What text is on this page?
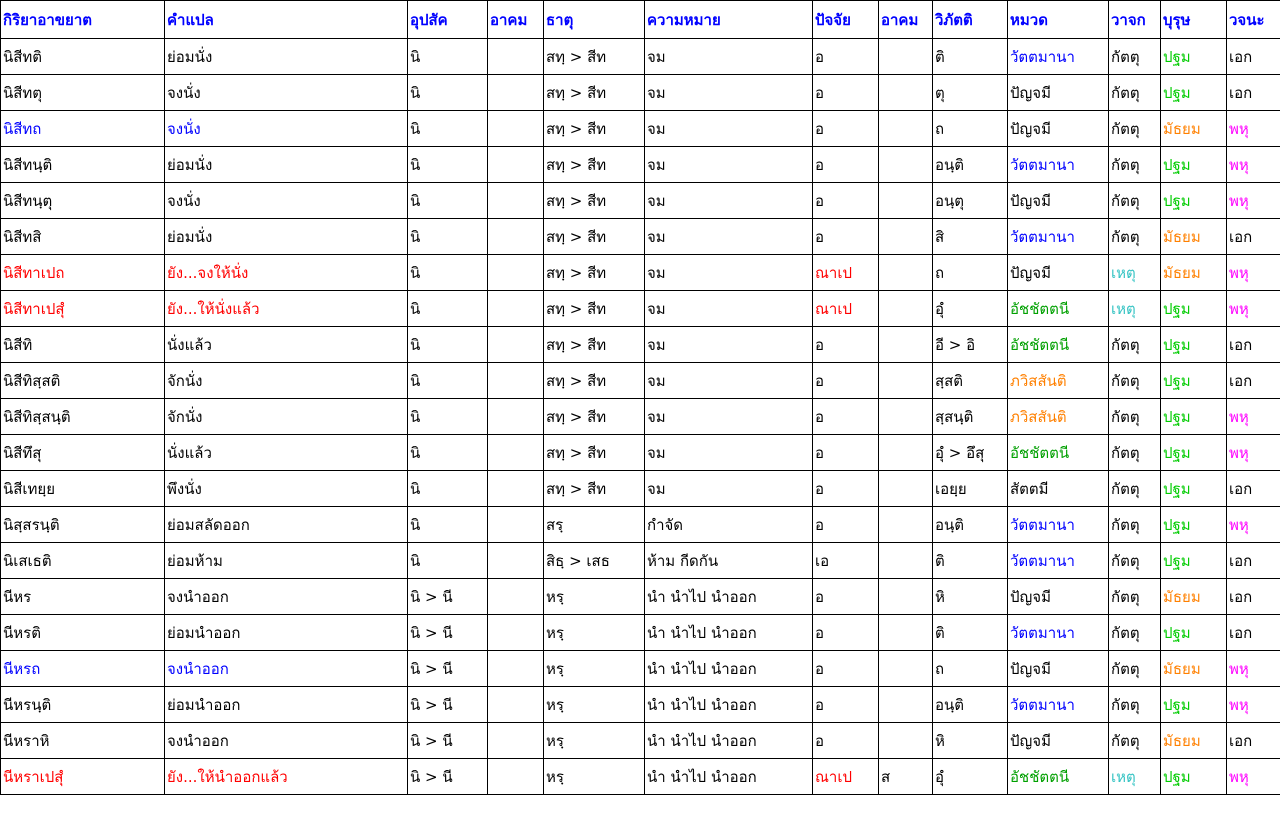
กิริยาอาขยาต	คำแปล	อุปสัค	อาคม	ธาตุ	ความหมาย	ปัจจัย	อาคม	วิภัตติ	หมวด	วาจก	บุรุษ	วจนะ
นิสีทติ	ย่อมนั่ง	นิ		สทฺ > สีท	จม	อ		ติ	วัตตมานา	กัตตุ	ปฐม	เอก
นิสีทตุ	จงนั่ง	นิ		สทฺ > สีท	จม	อ		ตุ	ปัญจมี	กัตตุ	ปฐม	เอก
นิสีทถ	จงนั่ง	นิ		สทฺ > สีท	จม	อ		ถ	ปัญจมี	กัตตุ	มัธยม	พหุ
นิสีทนฺติ	ย่อมนั่ง	นิ		สทฺ > สีท	จม	อ		อนฺติ	วัตตมานา	กัตตุ	ปฐม	พหุ
นิสีทนฺตุ	จงนั่ง	นิ		สทฺ > สีท	จม	อ		อนฺตุ	ปัญจมี	กัตตุ	ปฐม	พหุ
นิสีทสิ	ย่อมนั่ง	นิ		สทฺ > สีท	จม	อ		สิ	วัตตมานา	กัตตุ	มัธยม	เอก
นิสีทาเปถ	ยัง...จงให้นั่ง	นิ		สทฺ > สีท	จม	ณาเป		ถ	ปัญจมี	เหตุ	มัธยม	พหุ
นิสีทาเปสุํ	ยัง...ให้นั่งแล้ว	นิ		สทฺ > สีท	จม	ณาเป		อุํ	อัชชัตตนี	เหตุ	ปฐม	พหุ
นิสีทิ	นั่งแล้ว	นิ		สทฺ > สีท	จม	อ		อี > อิ	อัชชัตตนี	กัตตุ	ปฐม	เอก
นิสีทิสฺสติ	จักนั่ง	นิ		สทฺ > สีท	จม	อ		สฺสติ	ภวิสสันติ	กัตตุ	ปฐม	เอก
นิสีทิสฺสนฺติ	จักนั่ง	นิ		สทฺ > สีท	จม	อ		สฺสนฺติ	ภวิสสันติ	กัตตุ	ปฐม	พหุ
นิสีทึสุ	นั่งแล้ว	นิ		สทฺ > สีท	จม	อ		อุํ > อึสุ	อัชชัตตนี	กัตตุ	ปฐม	พหุ
นิสีเทยฺย	พึงนั่ง	นิ		สทฺ > สีท	จม	อ		เอยฺย	สัตตมี	กัตตุ	ปฐม	เอก
นิสฺสรนฺติ	ย่อมสลัดออก	นิ		สรฺ	กำจัด	อ		อนฺติ	วัตตมานา	กัตตุ	ปฐม	พหุ
นิเสเธติ	ย่อมห้าม	นิ		สิธฺ > เสธ	ห้าม กีดกัน	เอ		ติ	วัตตมานา	กัตตุ	ปฐม	เอก
นีหร	จงนำออก	นิ > นี		หรฺ	นำ นำไป นำออก	อ		หิ	ปัญจมี	กัตตุ	มัธยม	เอก
นีหรติ	ย่อมนำออก	นิ > นี		หรฺ	นำ นำไป นำออก	อ		ติ	วัตตมานา	กัตตุ	ปฐม	เอก
นีหรถ	จงนำออก	นิ > นี		หรฺ	นำ นำไป นำออก	อ		ถ	ปัญจมี	กัตตุ	มัธยม	พหุ
นีหรนฺติ	ย่อมนำออก	นิ > นี		หรฺ	นำ นำไป นำออก	อ		อนฺติ	วัตตมานา	กัตตุ	ปฐม	พหุ
นีหราหิ	จงนำออก	นิ > นี		หรฺ	นำ นำไป นำออก	อ		หิ	ปัญจมี	กัตตุ	มัธยม	เอก
นีหราเปสุํ	ยัง...ให้นำออกแล้ว	นิ > นี		หรฺ	นำ นำไป นำออก	ณาเป	ส	อุํ	อัชชัตตนี	เหตุ	ปฐม	พหุ
